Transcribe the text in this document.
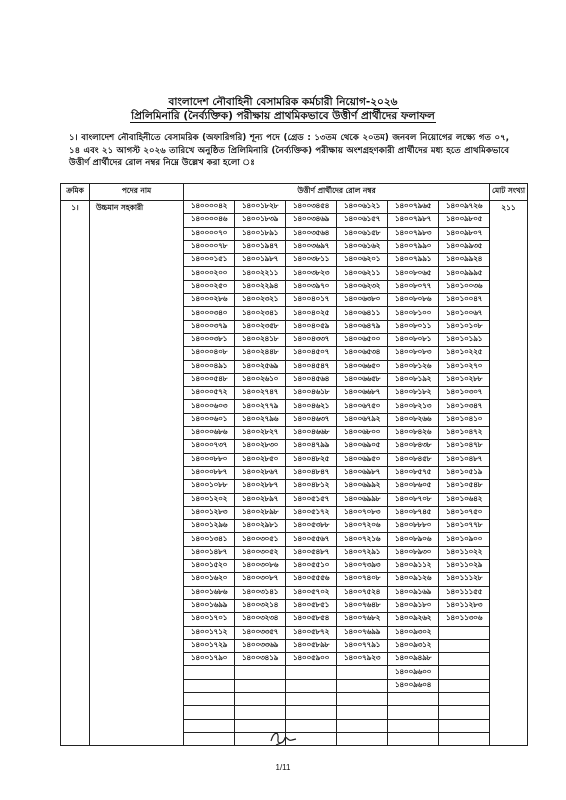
বাংলাদেশ নৌবাহিনী বেসামরিক কর্মচারী নিয়োগ-২০২৬
প্রিলিমিনারি (নৈর্ব্যক্তিক) পরীক্ষায় প্রাথমিকভাবে উত্তীর্ণ প্রার্থীদের ফলাফল
১। বাংলাদেশ নৌবাহিনীতে বেসামরিক (অফারিগরি) শূন্য পদে (গ্রেড : ১৩তম থেকে ২০তম) জনবল নিয়োগের লক্ষ্যে গত ০৭, ১৪ এবং ২১ আগস্ট ২০২৬ তারিখে অনুষ্ঠিত প্রিলিমিনারি (নৈর্ব্যক্তিক) পরীক্ষায় অংশগ্রহণকারী প্রার্থীদের মধ্য হতে প্রাথমিকভাবে উত্তীর্ণ প্রার্থীদের রোল নম্বর নিম্নে উল্লেখ করা হলো ঃ
ক্রমিক	পদের নাম	উত্তীর্ণ প্রার্থীদের রোল নম্বর						মোট সংখ্যা
১।	উচ্চমান সহকারী	১৪০০০০৪২	১৪০০১৮২৮	১৪০০৩৪৫৪	১৪০০৬১২১	১৪০০৭৯৬৫	১৪০০৯৭২৬	২১১
		১৪০০০০৪৬	১৪০০১৮৩৯	১৪০০৩৪৬৯	১৪০০৬১৫৭	১৪০০৭৯৮৭	১৪০০৯৮০৫	
		১৪০০০০৭০	১৪০০১৮৯১	১৪০০৩৫৬৪	১৪০০৬১৫৮	১৪০০৭৯৮৩	১৪০০৯৮০৭	
		১৪০০০০৭৮	১৪০০১৯৪৭	১৪০০৩৬৯৭	১৪০০৬১৬২	১৪০০৭৯৯০	১৪০০৯৯৩৫	
		১৪০০০১৫১	১৪০০১৯৮৭	১৪০০৩৮১১	১৪০০৬২০১	১৪০০৭৯৯১	১৪০০৯৯২৪	
		১৪০০০২০০	১৪০০২২১১	১৪০০৩৮২৩	১৪০০৬২১১	১৪০০৮০৬৫	১৪০০৯৯৯৫	
		১৪০০০২৫০	১৪০০২২৯৪	১৪০০৩৯৭০	১৪০০৬২৩২	১৪০০৮০৭৭	১৪০১০০৩৬	
		১৪০০০২৮৬	১৪০০২৩২১	১৪০০৪০১৭	১৪০০৬৩৮০	১৪০০৮০৮৬	১৪০১০০৪৭	
		১৪০০০৩৪০	১৪০০২৩৪১	১৪০০৪০২৫	১৪০০৬৪১১	১৪০০৮১০০	১৪০১০০৬৭	
		১৪০০০৩৭৯	১৪০০২৩৫৮	১৪০০৪০৫৯	১৪০০৬৪৭৯	১৪০০৮০১১	১৪০১০১০৮	
		১৪০০০৩৮১	১৪০০২৪১৮	১৪০০৪৩৩৭	১৪০০৬৫০০	১৪০০৮০৮১	১৪০১০১৯১	
		১৪০০০৪০৮	১৪০০২৪৪৮	১৪০০৪৫০৭	১৪০০৬৫৩৪	১৪০০৮০৮৩	১৪০১০২২৫	
		১৪০০০৪৯১	১৪০০২৫৬৯	১৪০০৪৫৪৭	১৪০০৬৬৫০	১৪০০৮১২৬	১৪০১০২৭০	
		১৪০০০৫৪৮	১৪০০২৬১০	১৪০০৪৫৬৪	১৪০০৬৬৫৮	১৪০০৮১৯২	১৪০১০২৮৮	
		১৪০০০৫৭২	১৪০০২৭৪৭	১৪০০৪৬১৮	১৪০০৬৬৮৭	১৪০০৮১৮২	১৪০১০৩০৭	
		১৪০০০৬০৩	১৪০০২৭৭৯	১৪০০৪৬২১	১৪০০৬৭৫০	১৪০০৮২১৩	১৪০১০৩৪৭	
		১৪০০০৬০১	১৪০০২৭৯৬	১৪০০৪৬৩৭	১৪০০৬৭৯২	১৪০০৮২৬৬	১৪০১০৪১০	
		১৪০০০৬৮৬	১৪০০২৮২৭	১৪০০৪৬৬৮	১৪০০৬৮০০	১৪০০৮৪২৬	১৪০১০৪৭২	
		১৪০০০৭৩৭	১৪০০২৮৩০	১৪০০৪৭৯৯	১৪০০৬৯০৫	১৪০০৮৪৩৮	১৪০১০৪৭৮	
		১৪০০০৮৮০	১৪০০২৮৫০	১৪০০৪৮২৫	১৪০০৬৯৫০	১৪০০৮৪৫৮	১৪০১০৪৮৭	
		১৪০০০৮৮৭	১৪০০২৮৬৭	১৪০০৪৮৪৭	১৪০০৬৯৮৭	১৪০০৮৫৭৫	১৪০১০৫১৯	
		১৪০০১০৮৮	১৪০০২৮৮৭	১৪০০৪৮১২	১৪০০৬৯৯২	১৪০০৮৬০৫	১৪০১০৫৪৮	
		১৪০০১২০২	১৪০০২৮৯৭	১৪০০৫১৫৭	১৪০০৬৯৯৮	১৪০০৮৭০৮	১৪০১০৬৪২	
		১৪০০১২৮৩	১৪০০২৮৯৮	১৪০০৫১৭২	১৪০০৭০৮৩	১৪০০৮৭৪৫	১৪০১০৭৫০	
		১৪০০১২৯৬	১৪০০২৯৮১	১৪০০৫৩৮৮	১৪০০৭২০৬	১৪০০৮৮৮০	১৪০১০৭৭৮	
		১৪০০১৩৪১	১৪০০৩০৫১	১৪০০৫৫৬৭	১৪০০৭২১৬	১৪০০৮৯০৬	১৪০১০৯০০	
		১৪০০১৪৮৭	১৪০০৩০৫২	১৪০০৫৪৮৭	১৪০০৭২৯১	১৪০০৮৯৩০	১৪০১১০২২	
		১৪০০১৫২০	১৪০০৩০৮৬	১৪০০৫৫১০	১৪০০৭৩৯৩	১৪০০৯১১২	১৪০১১০২৯	
		১৪০০১৬২০	১৪০০৩০৮৭	১৪০০৫৫৫৬	১৪০০৭৪০৮	১৪০০৯১২৬	১৪০১১১২৮	
		১৪০০১৬৮৬	১৪০০৩১৪১	১৪০০৫৭০২	১৪০০৭৫২৪	১৪০০৯১৬৯	১৪০১১১৫৫	
		১৪০০১৬৯৯	১৪০০৩২১৪	১৪০০৫৮৫১	১৪০০৭৬৪৮	১৪০০৯১৮০	১৪০১১২৮৩	
		১৪০০১৭০১	১৪০০৩২৩৪	১৪০০৫৮৫৪	১৪০০৭৬৮২	১৪০০৯২৬২	১৪০১১৩০৬	
		১৪০০১৭১২	১৪০০৩৩৫৭	১৪০০৫৮৭২	১৪০০৭৬৯৯	১৪০০৯৩০২		
		১৪০০১৭২৯	১৪০০৩৩৬৯	১৪০০৫৮৯৮	১৪০০৭৭৯১	১৪০০৯৩১২		
		১৪০০১৭৯০	১৪০০৩৪১৯	১৪০০৫৯০০	১৪০০৭৯২৩	১৪০০৯৪৯৮		
						১৪০০৯৬০০		
						১৪০০৯৬০৪		

1/11
